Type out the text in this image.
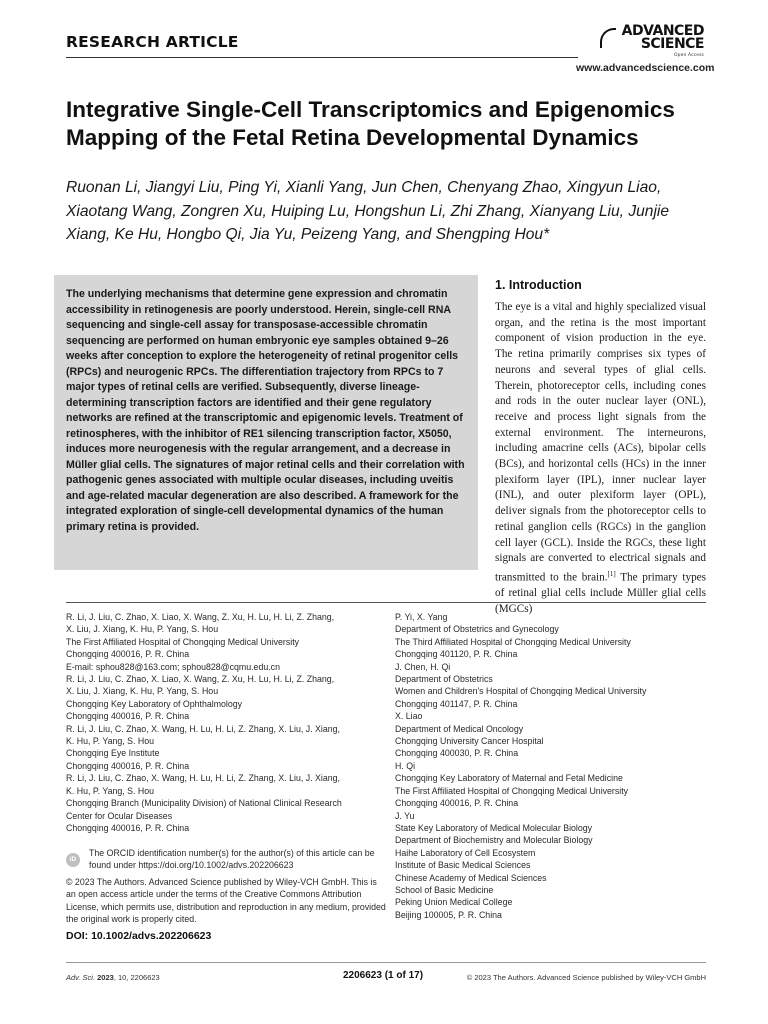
RESEARCH ARTICLE
ADVANCED
SCIENCE
Open Access
www.advancedscience.com
Integrative Single-Cell Transcriptomics and Epigenomics Mapping of the Fetal Retina Developmental Dynamics
Ruonan Li, Jiangyi Liu, Ping Yi, Xianli Yang, Jun Chen, Chenyang Zhao, Xingyun Liao, Xiaotang Wang, Zongren Xu, Huiping Lu, Hongshun Li, Zhi Zhang, Xianyang Liu, Junjie Xiang, Ke Hu, Hongbo Qi, Jia Yu, Peizeng Yang, and Shengping Hou*

The underlying mechanisms that determine gene expression and chromatin accessibility in retinogenesis are poorly understood. Herein, single-cell RNA sequencing and single-cell assay for transposase-accessible chromatin sequencing are performed on human embryonic eye samples obtained 9–26 weeks after conception to explore the heterogeneity of retinal progenitor cells (RPCs) and neurogenic RPCs. The differentiation trajectory from RPCs to 7 major types of retinal cells are verified. Subsequently, diverse lineage-determining transcription factors are identified and their gene regulatory networks are refined at the transcriptomic and epigenomic levels. Treatment of retinospheres, with the inhibitor of RE1 silencing transcription factor, X5050, induces more neurogenesis with the regular arrangement, and a decrease in Müller glial cells. The signatures of major retinal cells and their correlation with pathogenic genes associated with multiple ocular diseases, including uveitis and age-related macular degeneration are also described. A framework for the integrated exploration of single-cell developmental dynamics of the human primary retina is provided.

1. Introduction
The eye is a vital and highly specialized visual organ, and the retina is the most important component of vision production in the eye. The retina primarily comprises six types of neurons and several types of glial cells. Therein, photoreceptor cells, including cones and rods in the outer nuclear layer (ONL), receive and process light signals from the external environment. The interneurons, including amacrine cells (ACs), bipolar cells (BCs), and horizontal cells (HCs) in the inner plexiform layer (IPL), inner nuclear layer (INL), and outer plexiform layer (OPL), deliver signals from the photoreceptor cells to retinal ganglion cells (RGCs) in the ganglion cell layer (GCL). Inside the RGCs, these light signals are converted to electrical signals and transmitted to the brain.[1] The primary types of retinal glial cells include Müller glial cells (MGCs)
R. Li, J. Liu, C. Zhao, X. Liao, X. Wang, Z. Xu, H. Lu, H. Li, Z. Zhang,
X. Liu, J. Xiang, K. Hu, P. Yang, S. Hou
The First Affiliated Hospital of Chongqing Medical University
Chongqing 400016, P. R. China
E-mail: sphou828@163.com; sphou828@cqmu.edu.cn
R. Li, J. Liu, C. Zhao, X. Liao, X. Wang, Z. Xu, H. Lu, H. Li, Z. Zhang,
X. Liu, J. Xiang, K. Hu, P. Yang, S. Hou
Chongqing Key Laboratory of Ophthalmology
Chongqing 400016, P. R. China
R. Li, J. Liu, C. Zhao, X. Wang, H. Lu, H. Li, Z. Zhang, X. Liu, J. Xiang,
K. Hu, P. Yang, S. Hou
Chongqing Eye Institute
Chongqing 400016, P. R. China
R. Li, J. Liu, C. Zhao, X. Wang, H. Lu, H. Li, Z. Zhang, X. Liu, J. Xiang,
K. Hu, P. Yang, S. Hou
Chongqing Branch (Municipality Division) of National Clinical Research
Center for Ocular Diseases
Chongqing 400016, P. R. China
P. Yi, X. Yang
Department of Obstetrics and Gynecology
The Third Affiliated Hospital of Chongqing Medical University
Chongqing 401120, P. R. China
J. Chen, H. Qi
Department of Obstetrics
Women and Children's Hospital of Chongqing Medical University
Chongqing 401147, P. R. China
X. Liao
Department of Medical Oncology
Chongqing University Cancer Hospital
Chongqing 400030, P. R. China
H. Qi
Chongqing Key Laboratory of Maternal and Fetal Medicine
The First Affiliated Hospital of Chongqing Medical University
Chongqing 400016, P. R. China
J. Yu
State Key Laboratory of Medical Molecular Biology
Department of Biochemistry and Molecular Biology
Haihe Laboratory of Cell Ecosystem
Institute of Basic Medical Sciences
Chinese Academy of Medical Sciences
School of Basic Medicine
Peking Union Medical College
Beijing 100005, P. R. China
iD
The ORCID identification number(s) for the author(s) of this article can be found under https://doi.org/10.1002/advs.202206623
© 2023 The Authors. Advanced Science published by Wiley-VCH GmbH. This is an open access article under the terms of the Creative Commons Attribution License, which permits use, distribution and reproduction in any medium, provided the original work is properly cited.
DOI: 10.1002/advs.202206623
Adv. Sci. 2023, 10, 2206623	2206623 (1 of 17)	© 2023 The Authors. Advanced Science published by Wiley-VCH GmbH
